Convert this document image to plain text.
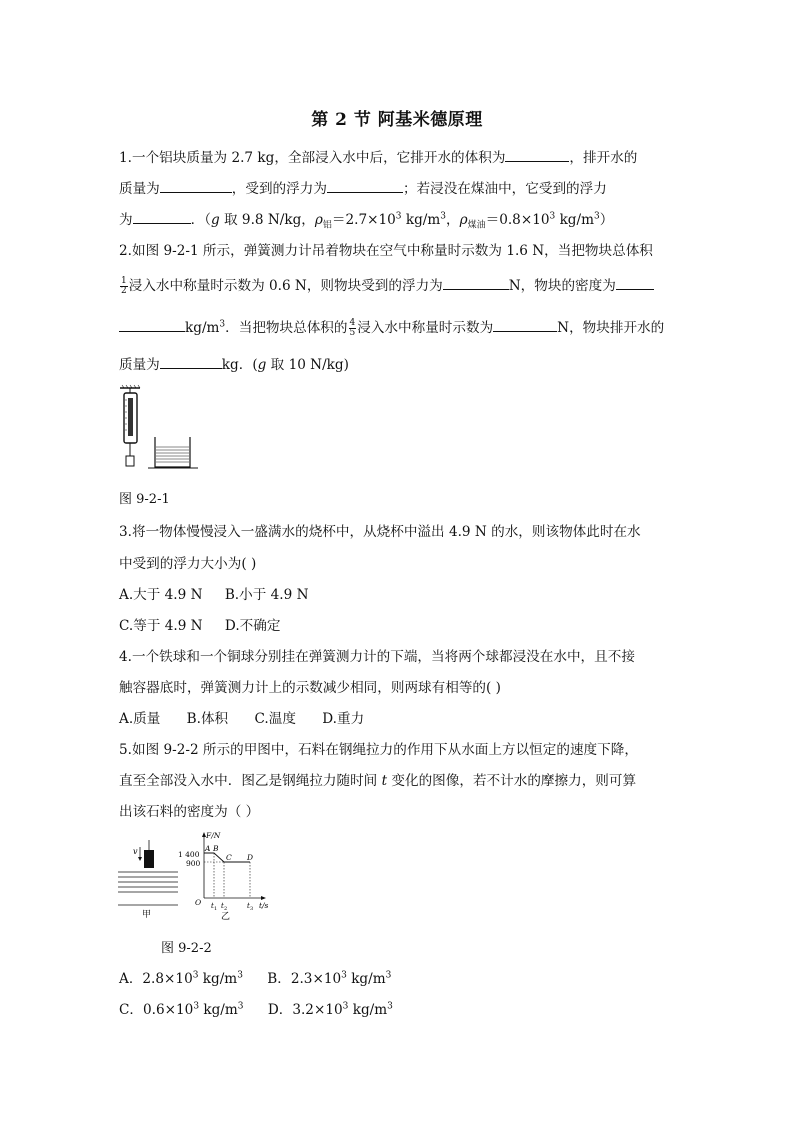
第 2 节 阿基米德原理
1.一个铝块质量为 2.7 kg，全部浸入水中后，它排开水的体积为	，排开水的
质量为	，受到的浮力为	；若浸没在煤油中，它受到的浮力
为	．（g 取 9.8 N/kg，$\rho_铝=2.7\times 10^3$ $kg/m^3$，$\rho_{煤油}=0.8\times 10^3$ $kg/m^3$）
2.如图 9-2-1 所示，弹簧测力计吊着物块在空气中称量时示数为 1.6 N，当把物块总体积
$\frac{1}{2}$ 浸入水中称量时示数为 0.6 N，则物块受到的浮力为	N，物块的密度为
$kg/m^3$．当把物块总体积的 $\frac{4}{5}$ 浸入水中称量时示数为	N，物块排开水的
质量为	kg．(g 取 10 N/kg)
图 9-2-1
3.将一物体慢慢浸入一盛满水的烧杯中，从烧杯中溢出 4.9 N 的水，则该物体此时在水
中受到的浮力大小为( )
A.大于 4.9 N B.小于 4.9 N
C.等于 4.9 N D.不确定
4.一个铁球和一个铜球分别挂在弹簧测力计的下端，当将两个球都浸没在水中，且不接
触容器底时，弹簧测力计上的示数减少相同，则两球有相等的( )
A.质量 B.体积 C.温度 D.重力
5.如图 9-2-2 所示的甲图中，石料在钢绳拉力的作用下从水面上方以恒定的速度下降，
直至全部没入水中．图乙是钢绳拉力随时间 t 变化的图像，若不计水的摩擦力，则可算
出该石料的密度为（ ）
v
甲
F/N
t/s
O
1 400
900
A B
C D
t 1 t 2	t 3
乙
图 9-2-2
A．$2.8\times 10^3$ $kg/m^3$ B．$2.3\times 10^3$ $kg/m^3$
C．$0.6\times 10^3$ $kg/m^3$ D．$3.2\times 10^3$ $kg/m^3$
